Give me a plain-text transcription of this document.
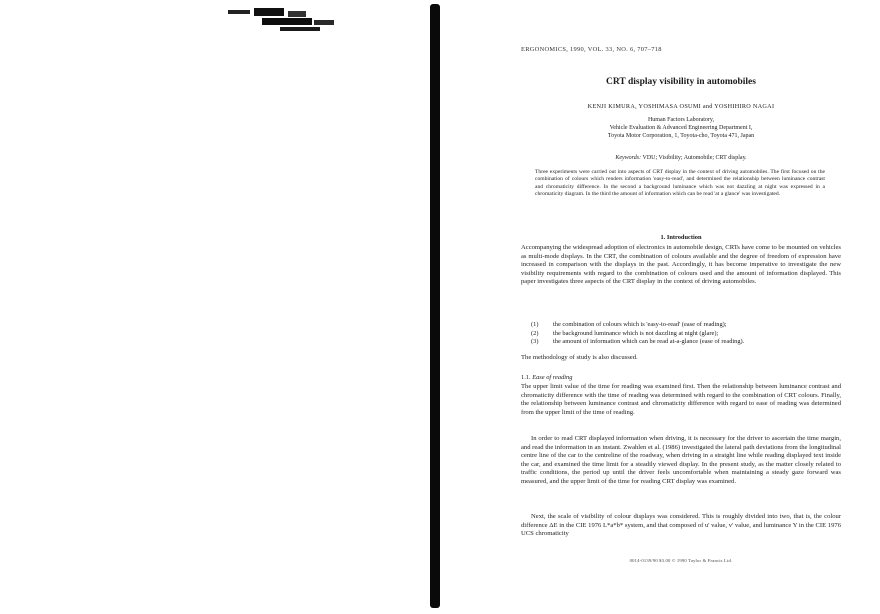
ERGONOMICS, 1990, VOL. 33, NO. 6, 707–718
CRT display visibility in automobiles
KENJI KIMURA, YOSHIMASA OSUMI and YOSHIHIRO NAGAI
Human Factors Laboratory,
Vehicle Evaluation & Advanced Engineering Department I,
Toyota Motor Corporation, 1, Toyota-cho, Toyota 471, Japan
Keywords: VDU; Visibility; Automobile; CRT display.
Three experiments were carried out into aspects of CRT display in the context of driving automobiles. The first focused on the combination of colours which renders information 'easy-to-read', and determined the relationship between luminance contrast and chromaticity difference. In the second a background luminance which was not dazzling at night was expressed in a chromaticity diagram. In the third the amount of information which can be read 'at a glance' was investigated.
1. Introduction
Accompanying the widespread adoption of electronics in automobile design, CRTs have come to be mounted on vehicles as multi-mode displays. In the CRT, the combination of colours available and the degree of freedom of expression have increased in comparison with the displays in the past. Accordingly, it has become imperative to investigate the new visibility requirements with regard to the combination of colours used and the amount of information displayed. This paper investigates three aspects of the CRT display in the context of driving automobiles.
(1)	the combination of colours which is 'easy-to-read' (ease of reading);
(2)	the background luminance which is not dazzling at night (glare);
(3)	the amount of information which can be read at-a-glance (ease of reading).
The methodology of study is also discussed.
1.1. Ease of reading
The upper limit value of the time for reading was examined first. Then the relationship between luminance contrast and chromaticity difference with the time of reading was determined with regard to the combination of CRT colours. Finally, the relationship between luminance contrast and chromaticity difference with regard to ease of reading was determined from the upper limit of the time of reading.
In order to read CRT displayed information when driving, it is necessary for the driver to ascertain the time margin, and read the information in an instant. Zwahlen et al. (1986) investigated the lateral path deviations from the longitudinal centre line of the car to the centreline of the roadway, when driving in a straight line while reading displayed text inside the car, and examined the time limit for a steadily viewed display. In the present study, as the matter closely related to traffic conditions, the period up until the driver feels uncomfortable when maintaining a steady gaze forward was measured, and the upper limit of the time for reading CRT display was examined.
Next, the scale of visibility of colour displays was considered. This is roughly divided into two, that is, the colour difference ΔE in the CIE 1976 L*a*b* system, and that composed of u' value, v' value, and luminance Y in the CIE 1976 UCS chromaticity
0014-0139/90 $3.00 © 1990 Taylor & Francis Ltd.
